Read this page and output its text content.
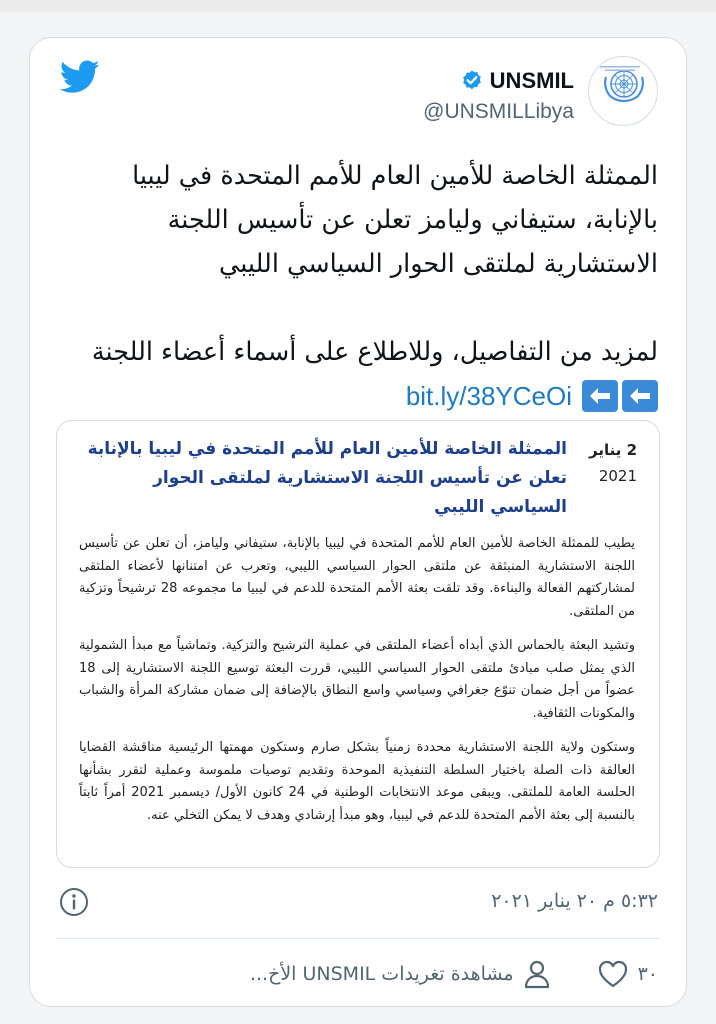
UNSMIL
@UNSMILLibya

الممثلة الخاصة للأمين العام للأمم المتحدة في ليبيا

بالإنابة، ستيفاني وليامز تعلن عن تأسيس اللجنة

الاستشارية لملتقى الحوار السياسي الليبي

لمزيد من التفاصيل، وللاطلاع على أسماء أعضاء اللجنة

bit.ly/38YCeOi
2 يناير
2021
الممثلة الخاصة للأمين العام للأمم المتحدة في ليبيا بالإنابة تعلن عن تأسيس اللجنة الاستشارية لملتقى الحوار السياسي الليبي

يطيب للممثلة الخاصة للأمين العام للأمم المتحدة في ليبيا بالإنابة، ستيفاني وليامز، أن تعلن عن تأسيس اللجنة الاستشارية المنبثقة عن ملتقى الحوار السياسي الليبي، وتعرب عن امتنانها لأعضاء الملتقى لمشاركتهم الفعالة والبناءة. وقد تلقت بعثة الأمم المتحدة للدعم في ليبيا ما مجموعه 28 ترشيحاً وتزكية من الملتقى.

وتشيد البعثة بالحماس الذي أبداه أعضاء الملتقى في عملية الترشيح والتزكية. وتماشياً مع مبدأ الشمولية الذي يمثل صلب مبادئ ملتقى الحوار السياسي الليبي، قررت البعثة توسيع اللجنة الاستشارية إلى 18 عضواً من أجل ضمان تنوّع جغرافي وسياسي واسع النطاق بالإضافة إلى ضمان مشاركة المرأة والشباب والمكونات الثقافية.

وستكون ولاية اللجنة الاستشارية محددة زمنياً بشكل صارم وستكون مهمتها الرئيسية مناقشة القضايا العالقة ذات الصلة باختيار السلطة التنفيذية الموحدة وتقديم توصيات ملموسة وعملية لتقرر بشأنها الحلسة العامة للملتقى. ويبقى موعد الانتخابات الوطنية في 24 كانون الأول/ ديسمبر 2021 أمراً ثابتاً بالنسبة إلى بعثة الأمم المتحدة للدعم في ليبيا، وهو مبدأ إرشادي وهدف لا يمكن التخلي عنه.

٥:٣٢ م ٢٠ يناير ٢٠٢١
٣٠
مشاهدة تغريدات UNSMIL الأخ...
